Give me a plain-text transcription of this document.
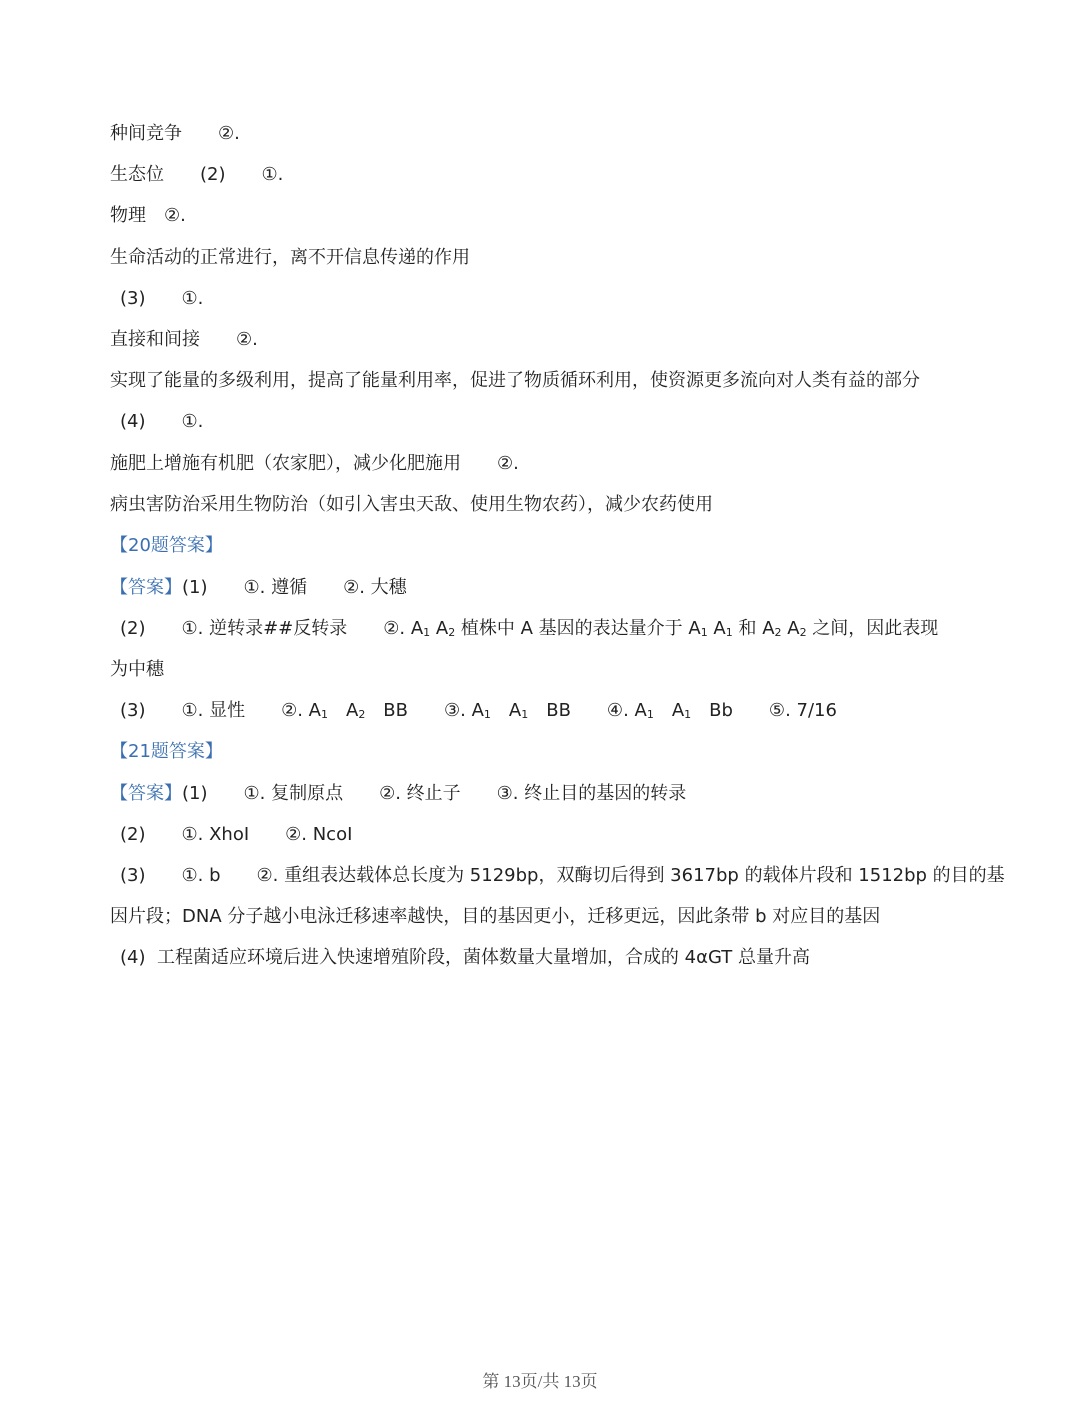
种间竞争　　②.
生态位　　(2)　　①.
物理　②.
生命活动的正常进行，离不开信息传递的作用
(3)　　①.
直接和间接　　②.
实现了能量的多级利用，提高了能量利用率，促进了物质循环利用，使资源更多流向对人类有益的部分
(4)　　①.
施肥上增施有机肥（农家肥），减少化肥施用　　②.
病虫害防治采用生物防治（如引入害虫天敌、使用生物农药），减少农药使用
【20题答案】
【答案】(1)　　①. 遵循　　②. 大穗
(2)　　①. 逆转录##反转录　　②. A1 A2 植株中 A 基因的表达量介于 A1 A1 和 A2 A2 之间，因此表现
为中穗
(3)　　①. 显性　　②. A1　A2　BB　　③. A1　A1　BB　　④. A1　A1　Bb　　⑤. 7/16
【21题答案】
【答案】(1)　　①. 复制原点　　②. 终止子　　③. 终止目的基因的转录
(2)　　①. XhoⅠ　　②. NcoⅠ
(3)　　①. b　　②. 重组表达载体总长度为 5129bp，双酶切后得到 3617bp 的载体片段和 1512bp 的目的基
因片段；DNA 分子越小电泳迁移速率越快，目的基因更小，迁移更远，因此条带 b 对应目的基因
(4)  工程菌适应环境后进入快速增殖阶段，菌体数量大量增加，合成的 4αGT 总量升高
第 13页/共 13页
